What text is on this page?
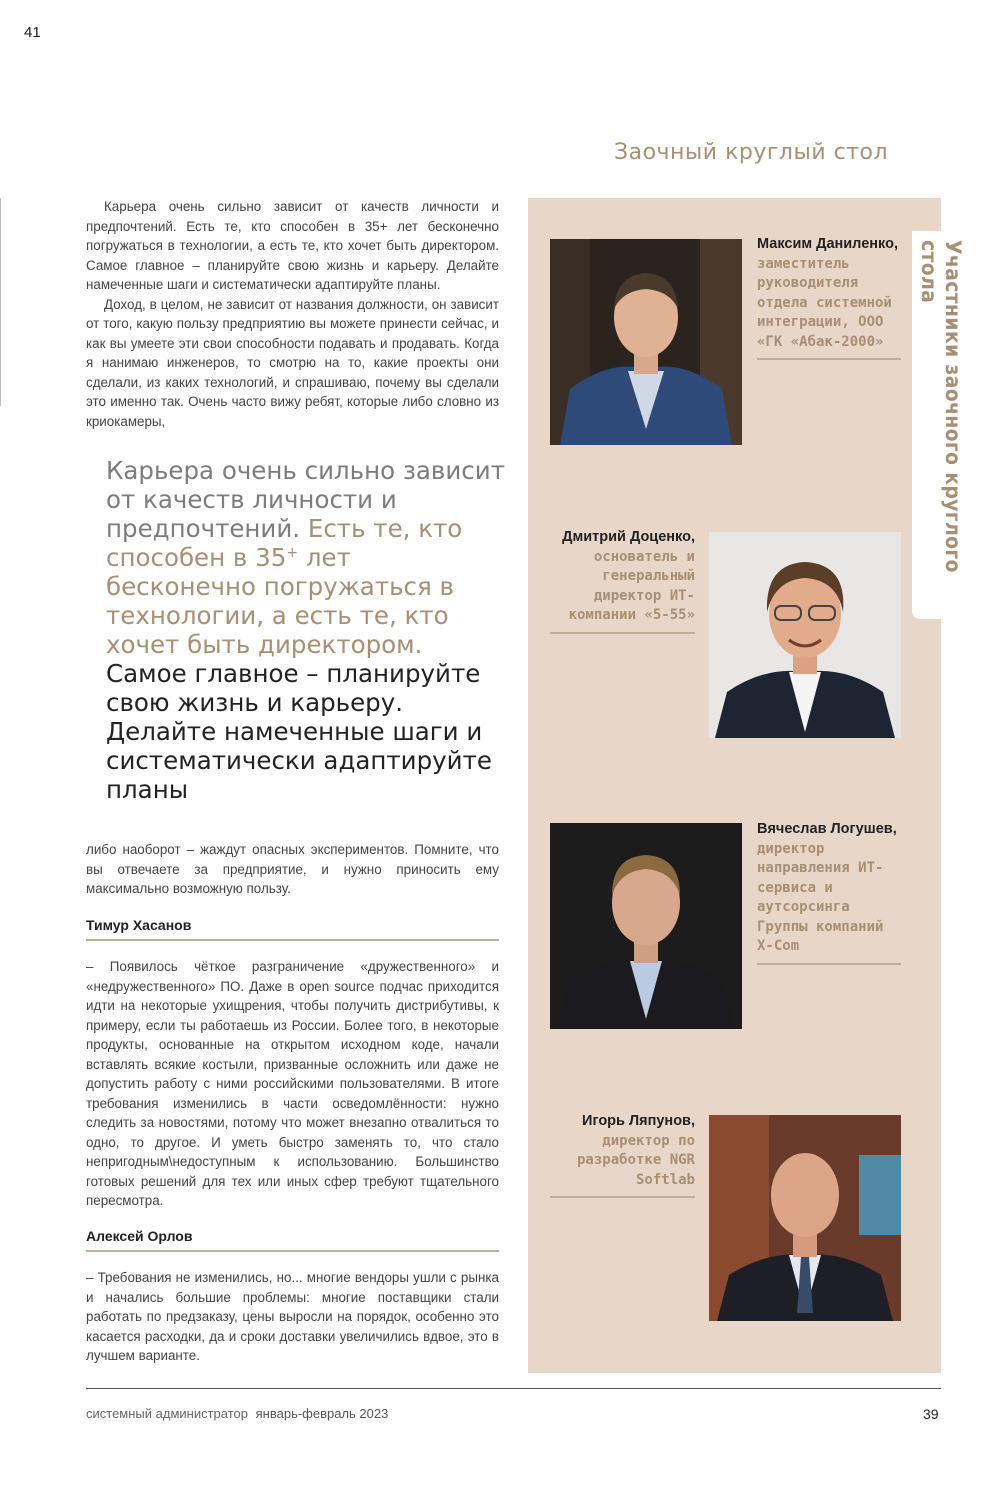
41
Заочный круглый стол

Карьера очень сильно зависит от качеств личности и предпочтений. Есть те, кто способен в 35+ лет бесконечно погружаться в технологии, а есть те, кто хочет быть директором. Самое главное – планируйте свою жизнь и карьеру. Делайте намеченные шаги и систематически адаптируйте планы.

Доход, в целом, не зависит от названия должности, он зависит от того, какую пользу предприятию вы можете принести сейчас, и как вы умеете эти свои способности подавать и продавать. Когда я нанимаю инженеров, то смотрю на то, какие проекты они сделали, из каких технологий, и спрашиваю, почему вы сделали это именно так. Очень часто вижу ребят, которые либо словно из криокамеры,

Карьера очень сильно зависит от качеств личности и предпочтений. Есть те, кто способен в 35+ лет бесконечно погружаться в технологии, а есть те, кто хочет быть директором. Самое главное – планируйте свою жизнь и карьеру. Делайте намеченные шаги и систематически адаптируйте планы

либо наоборот – жаждут опасных экспериментов. Помните, что вы отвечаете за предприятие, и нужно приносить ему максимально возможную пользу.

Тимур Хасанов

– Появилось чёткое разграничение «дружественного» и «недружественного» ПО. Даже в open source подчас приходится идти на некоторые ухищрения, чтобы получить дистрибутивы, к примеру, если ты работаешь из России. Более того, в некоторые продукты, основанные на открытом исходном коде, начали вставлять всякие костыли, призванные осложнить или даже не допустить работу с ними российскими пользователями. В итоге требования изменились в части осведомлённости: нужно следить за новостями, потому что может внезапно отвалиться то одно, то другое. И уметь быстро заменять то, что стало непригодным\недоступным к использованию. Большинство готовых решений для тех или иных сфер требуют тщательного пересмотра.

Алексей Орлов

– Требования не изменились, но... многие вендоры ушли с рынка и начались большие проблемы: многие поставщики стали работать по предзаказу, цены выросли на порядок, особенно это касается расходки, да и сроки доставки увеличились вдвое, это в лучшем варианте.

Участники заочного круглого стола
Максим Даниленко,
заместитель руководителя отдела системной интеграции, ООО «ГК «Абак-2000»
Дмитрий Доценко,
основатель и генеральный директор ИТ-компании «5-55»
Вячеслав Логушев,
директор направления ИТ-сервиса и аутсорсинга Группы компаний X-Com
Игорь Ляпунов,
директор по разработке NGR Softlab
системный администратор январь-февраль 2023	39
